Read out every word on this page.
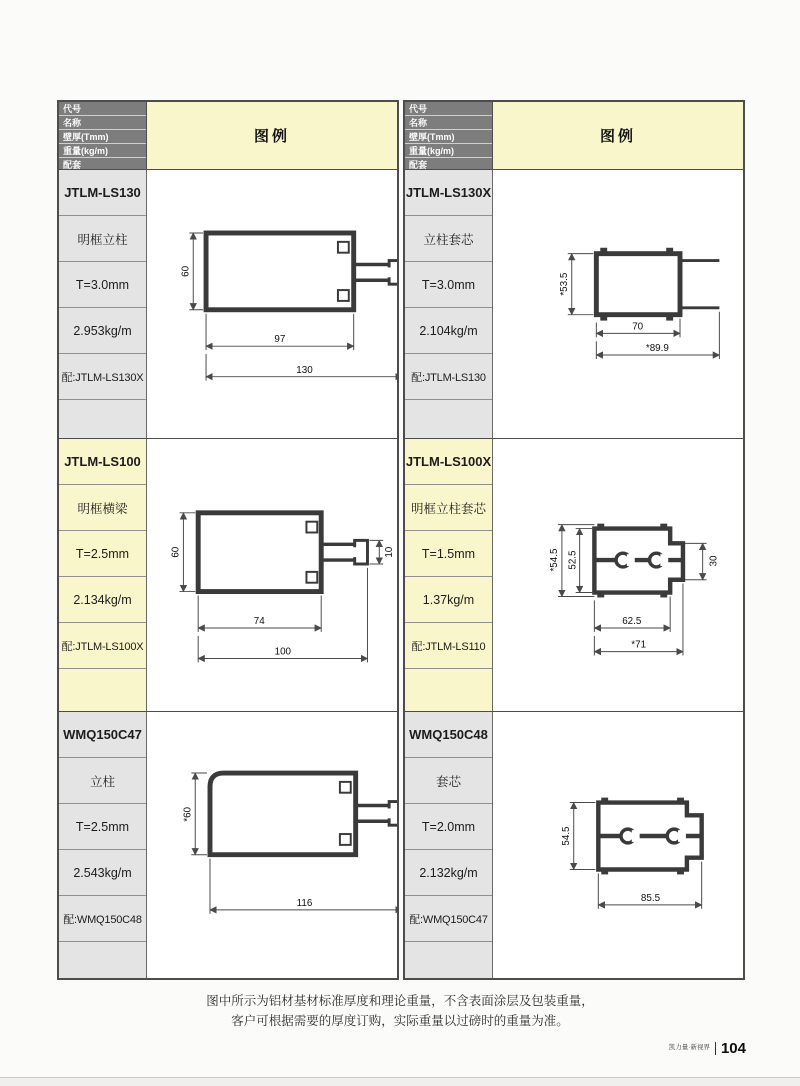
代号
名称
壁厚(Tmm)
重量(kg/m)
配套
图例
JTLM-LS130
明框立柱
T=3.0mm
2.953kg/m
配:JTLM-LS130X
60
97
130
JTLM-LS100
明框横梁
T=2.5mm
2.134kg/m
配:JTLM-LS100X
60
74
100
10
WMQ150C47
立柱
T=2.5mm
2.543kg/m
配:WMQ150C48
*60
116
代号
名称
壁厚(Tmm)
重量(kg/m)
配套
图例
JTLM-LS130X
立柱套芯
T=3.0mm
2.104kg/m
配:JTLM-LS130
*53.5
70
*89.9
JTLM-LS100X
明框立柱套芯
T=1.5mm
1.37kg/m
配:JTLM-LS110
*54.5 52.5	30
62.5
*71
WMQ150C48
套芯
T=2.0mm
2.132kg/m
配:WMQ150C47
54.5
85.5
图中所示为铝材基材标准厚度和理论重量，不含表面涂层及包装重量，
客户可根据需要的厚度订购，实际重量以过磅时的重量为准。
凯力量·新视界 104
